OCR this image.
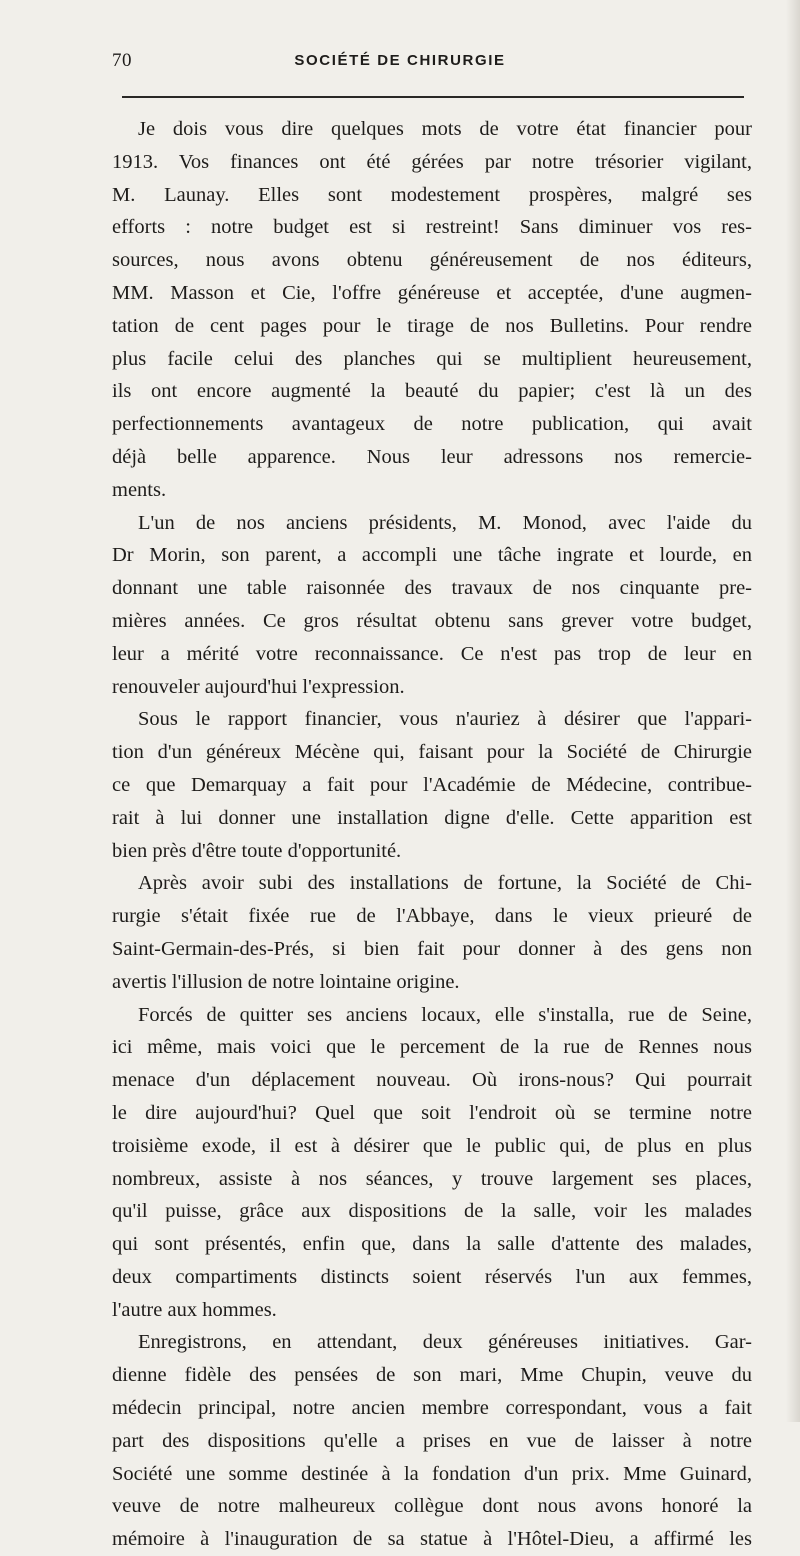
70	SOCIÉTÉ DE CHIRURGIE
Je dois vous dire quelques mots de votre état financier pour
1913. Vos finances ont été gérées par notre trésorier vigilant,
M. Launay. Elles sont modestement prospères, malgré ses
efforts : notre budget est si restreint! Sans diminuer vos res-
sources, nous avons obtenu généreusement de nos éditeurs,
MM. Masson et Cie, l'offre généreuse et acceptée, d'une augmen-
tation de cent pages pour le tirage de nos Bulletins. Pour rendre
plus facile celui des planches qui se multiplient heureusement,
ils ont encore augmenté la beauté du papier; c'est là un des
perfectionnements avantageux de notre publication, qui avait
déjà belle apparence. Nous leur adressons nos remercie-
ments.
L'un de nos anciens présidents, M. Monod, avec l'aide du
Dr Morin, son parent, a accompli une tâche ingrate et lourde, en
donnant une table raisonnée des travaux de nos cinquante pre-
mières années. Ce gros résultat obtenu sans grever votre budget,
leur a mérité votre reconnaissance. Ce n'est pas trop de leur en
renouveler aujourd'hui l'expression.
Sous le rapport financier, vous n'auriez à désirer que l'appari-
tion d'un généreux Mécène qui, faisant pour la Société de Chirurgie
ce que Demarquay a fait pour l'Académie de Médecine, contribue-
rait à lui donner une installation digne d'elle. Cette apparition est
bien près d'être toute d'opportunité.
Après avoir subi des installations de fortune, la Société de Chi-
rurgie s'était fixée rue de l'Abbaye, dans le vieux prieuré de
Saint-Germain-des-Prés, si bien fait pour donner à des gens non
avertis l'illusion de notre lointaine origine.
Forcés de quitter ses anciens locaux, elle s'installa, rue de Seine,
ici même, mais voici que le percement de la rue de Rennes nous
menace d'un déplacement nouveau. Où irons-nous? Qui pourrait
le dire aujourd'hui? Quel que soit l'endroit où se termine notre
troisième exode, il est à désirer que le public qui, de plus en plus
nombreux, assiste à nos séances, y trouve largement ses places,
qu'il puisse, grâce aux dispositions de la salle, voir les malades
qui sont présentés, enfin que, dans la salle d'attente des malades,
deux compartiments distincts soient réservés l'un aux femmes,
l'autre aux hommes.
Enregistrons, en attendant, deux généreuses initiatives. Gar-
dienne fidèle des pensées de son mari, Mme Chupin, veuve du
médecin principal, notre ancien membre correspondant, vous a fait
part des dispositions qu'elle a prises en vue de laisser à notre
Société une somme destinée à la fondation d'un prix. Mme Guinard,
veuve de notre malheureux collègue dont nous avons honoré la
mémoire à l'inauguration de sa statue à l'Hôtel-Dieu, a affirmé les
